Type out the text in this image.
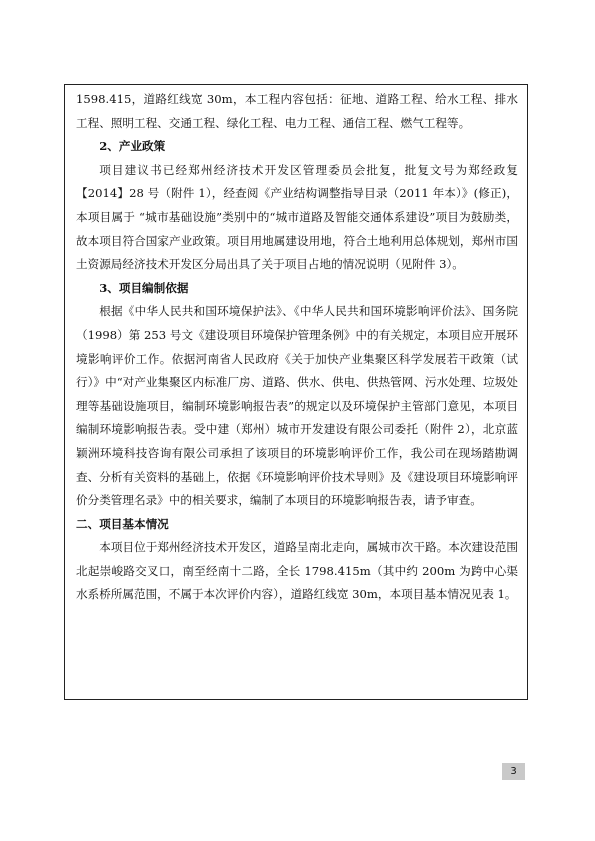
1598.415，道路红线宽 30m，本工程内容包括：征地、道路工程、给水工程、排水工程、照明工程、交通工程、绿化工程、电力工程、通信工程、燃气工程等。

2、产业政策

项目建议书已经郑州经济技术开发区管理委员会批复，批复文号为郑经政复【2014】28 号（附件 1），经查阅《产业结构调整指导目录（2011 年本）》(修正)，本项目属于 “城市基础设施”类别中的“城市道路及智能交通体系建设”项目为鼓励类，故本项目符合国家产业政策。项目用地属建设用地，符合土地利用总体规划，郑州市国土资源局经济技术开发区分局出具了关于项目占地的情况说明（见附件 3）。

3、项目编制依据

根据《中华人民共和国环境保护法》、《中华人民共和国环境影响评价法》、国务院（1998）第 253 号文《建设项目环境保护管理条例》中的有关规定，本项目应开展环境影响评价工作。依据河南省人民政府《关于加快产业集聚区科学发展若干政策（试行）》中“对产业集聚区内标准厂房、道路、供水、供电、供热管网、污水处理、垃圾处理等基础设施项目，编制环境影响报告表”的规定以及环境保护主管部门意见，本项目编制环境影响报告表。受中建（郑州）城市开发建设有限公司委托（附件 2），北京蓝颖洲环境科技咨询有限公司承担了该项目的环境影响评价工作，我公司在现场踏勘调查、分析有关资料的基础上，依据《环境影响评价技术导则》及《建设项目环境影响评价分类管理名录》中的相关要求，编制了本项目的环境影响报告表，请予审查。

二、项目基本情况

本项目位于郑州经济技术开发区，道路呈南北走向，属城市次干路。本次建设范围北起崇峻路交叉口，南至经南十二路，全长 1798.415m（其中约 200m 为跨中心渠水系桥所属范围，不属于本次评价内容），道路红线宽 30m，本项目基本情况见表 1。

3
